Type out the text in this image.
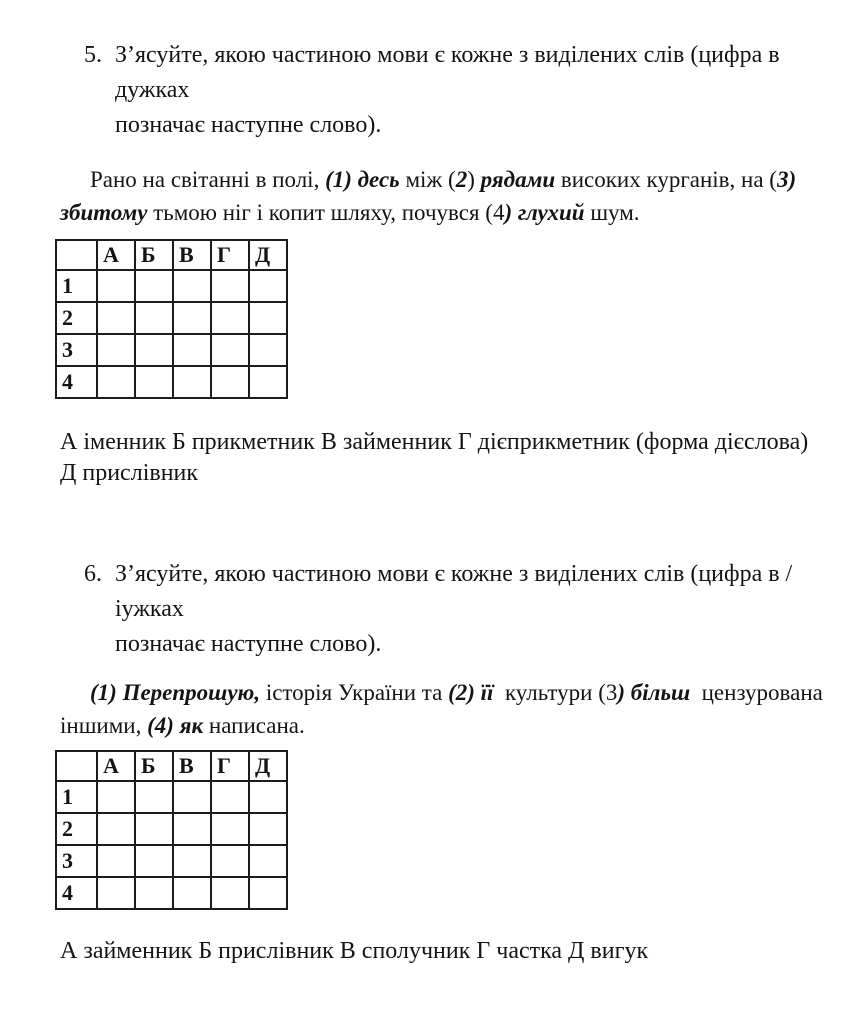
5. З’ясуйте, якою частиною мови є кожне з виділених слів (цифра в дужках
позначає наступне слово).
Рано на світанні в полі, (1) десь між (2) рядами високих курганів, на (3)
збитому тьмою ніг і копит шляху, почувся (4) глухий шум.
	А	Б	В	Г	Д
1					
2					
3					
4					
А іменник Б прикметник В займенник Г дієприкметник (форма дієслова)
Д прислівник
6. З’ясуйте, якою частиною мови є кожне з виділених слів (цифра в /іужках
позначає наступне слово).
(1) Перепрошую, історія України та (2) її  культури (3) більш  цензурована
іншими, (4) як написана.
	А	Б	В	Г	Д
1					
2					
3					
4					
А займенник Б прислівник В сполучник Г частка Д вигук
